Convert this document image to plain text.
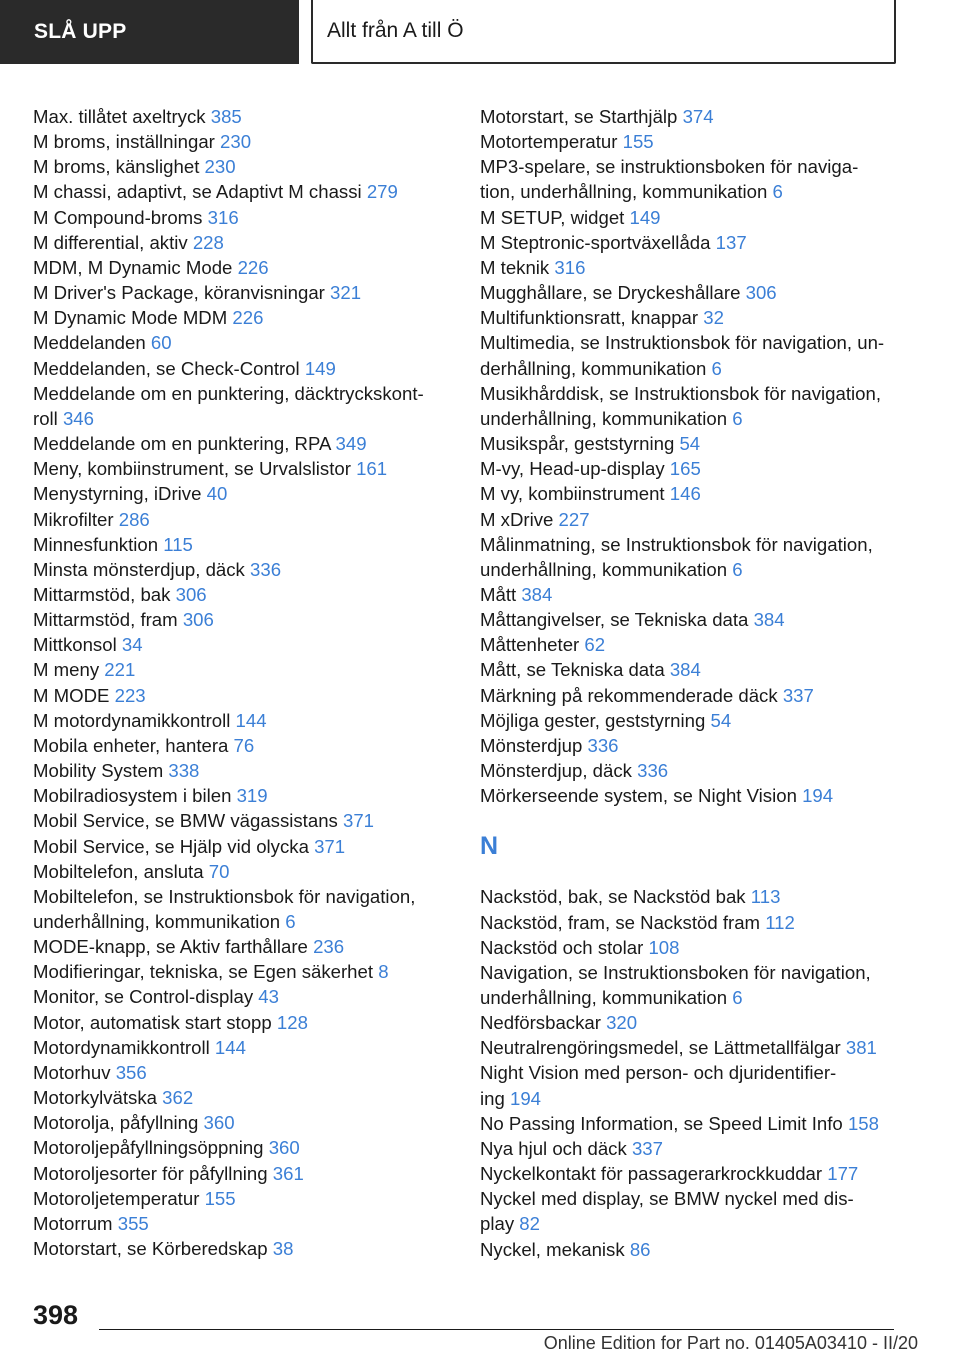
SLÅ UPP	Allt från A till Ö
Max. tillåtet axeltryck 385
M broms, inställningar 230
M broms, känslighet 230
M chassi, adaptivt, se Adaptivt M chassi 279
M Compound-broms 316
M differential, aktiv 228
MDM, M Dynamic Mode 226
M Driver's Package, köranvisningar 321
M Dynamic Mode MDM 226
Meddelanden 60
Meddelanden, se Check-Control 149
Meddelande om en punktering, däcktryckskont-
roll 346
Meddelande om en punktering, RPA 349
Meny, kombiinstrument, se Urvalslistor 161
Menystyrning, iDrive 40
Mikrofilter 286
Minnesfunktion 115
Minsta mönsterdjup, däck 336
Mittarmstöd, bak 306
Mittarmstöd, fram 306
Mittkonsol 34
M meny 221
M MODE 223
M motordynamikkontroll 144
Mobila enheter, hantera 76
Mobility System 338
Mobilradiosystem i bilen 319
Mobil Service, se BMW vägassistans 371
Mobil Service, se Hjälp vid olycka 371
Mobiltelefon, ansluta 70
Mobiltelefon, se Instruktionsbok för navigation,
underhållning, kommunikation 6
MODE-knapp, se Aktiv farthållare 236
Modifieringar, tekniska, se Egen säkerhet 8
Monitor, se Control-display 43
Motor, automatisk start stopp 128
Motordynamikkontroll 144
Motorhuv 356
Motorkylvätska 362
Motorolja, påfyllning 360
Motoroljepåfyllningsöppning 360
Motoroljesorter för påfyllning 361
Motoroljetemperatur 155
Motorrum 355
Motorstart, se Körberedskap 38
Motorstart, se Starthjälp 374
Motortemperatur 155
MP3-spelare, se instruktionsboken för naviga-
tion, underhållning, kommunikation 6
M SETUP, widget 149
M Steptronic-sportväxellåda 137
M teknik 316
Mugghållare, se Dryckeshållare 306
Multifunktionsratt, knappar 32
Multimedia, se Instruktionsbok för navigation, un-
derhållning, kommunikation 6
Musikhårddisk, se Instruktionsbok för navigation,
underhållning, kommunikation 6
Musikspår, geststyrning 54
M-vy, Head-up-display 165
M vy, kombiinstrument 146
M xDrive 227
Målinmatning, se Instruktionsbok för navigation,
underhållning, kommunikation 6
Mått 384
Måttangivelser, se Tekniska data 384
Måttenheter 62
Mått, se Tekniska data 384
Märkning på rekommenderade däck 337
Möjliga gester, geststyrning 54
Mönsterdjup 336
Mönsterdjup, däck 336
Mörkerseende system, se Night Vision 194
N
Nackstöd, bak, se Nackstöd bak 113
Nackstöd, fram, se Nackstöd fram 112
Nackstöd och stolar 108
Navigation, se Instruktionsboken för navigation,
underhållning, kommunikation 6
Nedförsbackar 320
Neutralrengöringsmedel, se Lättmetallfälgar 381
Night Vision med person- och djuridentifier-
ing 194
No Passing Information, se Speed Limit Info 158
Nya hjul och däck 337
Nyckelkontakt för passagerarkrockkuddar 177
Nyckel med display, se BMW nyckel med dis-
play 82
Nyckel, mekanisk 86
398
Online Edition for Part no. 01405A03410 - II/20
